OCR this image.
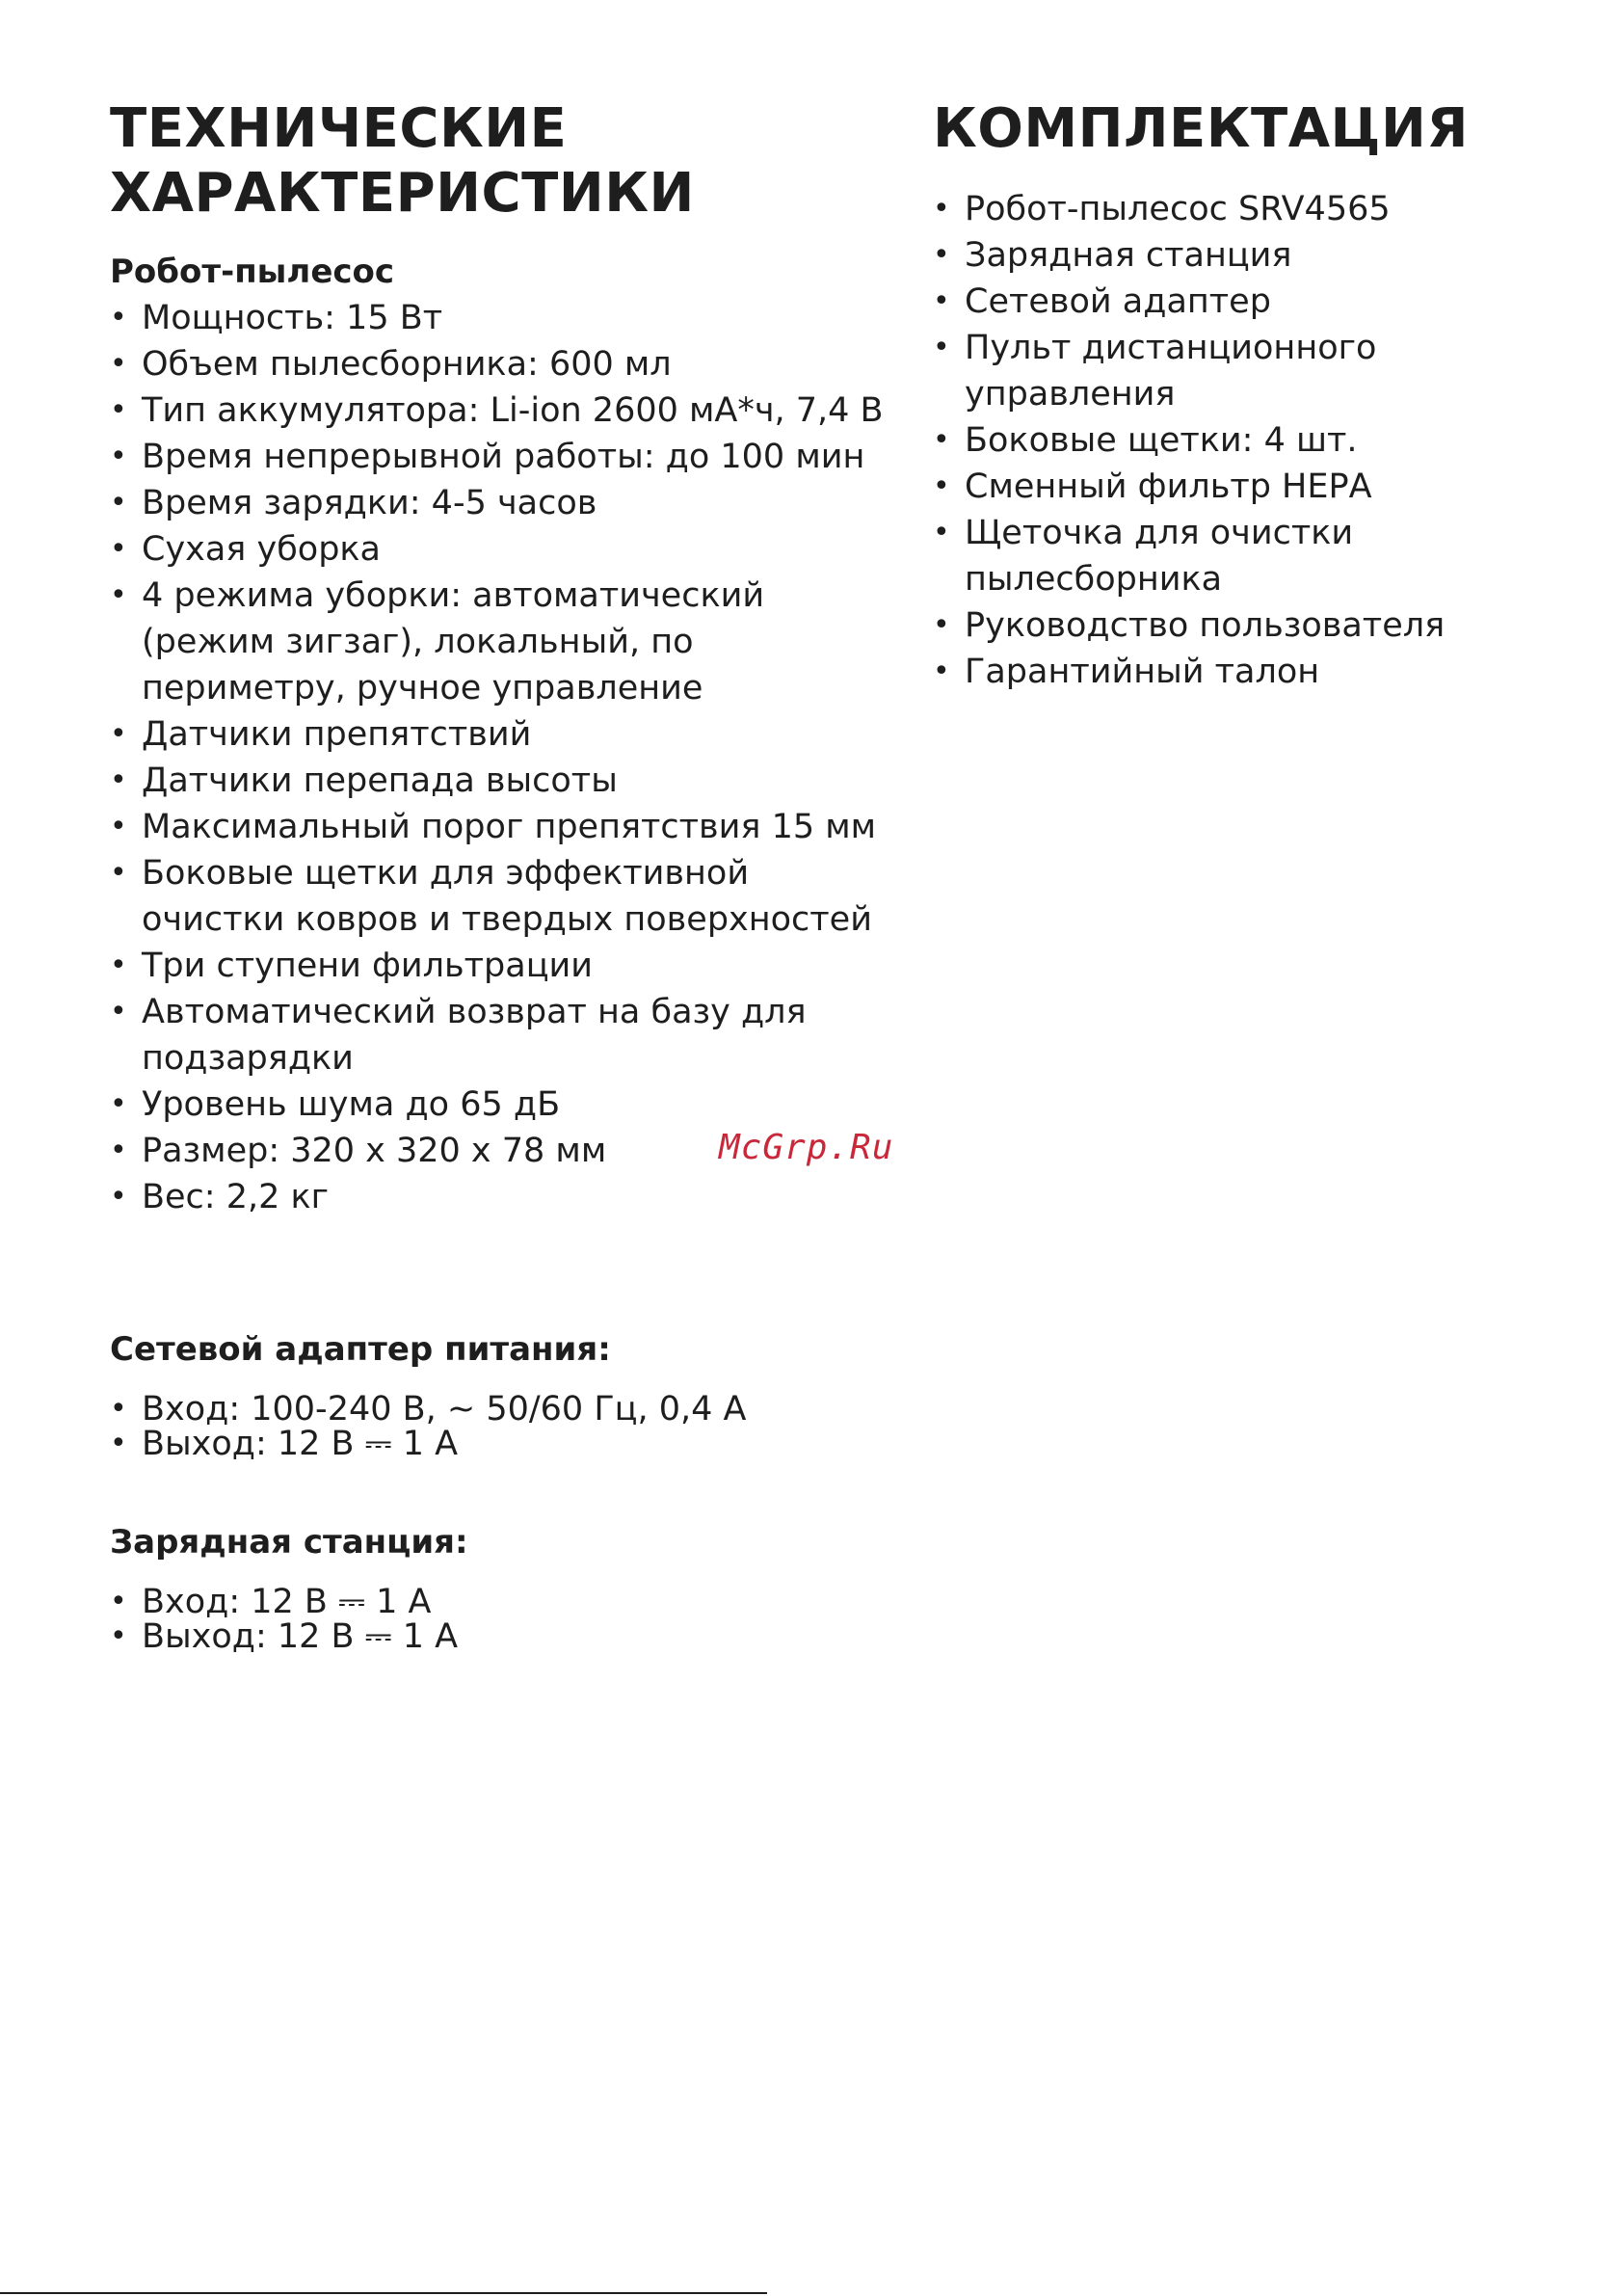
ТЕХНИЧЕСКИЕ
ХАРАКТЕРИСТИКИ
Робот-пылесос
• Мощность: 15 Вт
• Объем пылесборника: 600 мл
• Тип аккумулятора: Li-ion 2600 мА*ч, 7,4 В
• Время непрерывной работы: до 100 мин
• Время зарядки: 4-5 часов
• Сухая уборка
• 4 режима уборки: автоматический (режим зигзаг), локальный, по периметру, ручное управление
• Датчики препятствий
• Датчики перепада высоты
• Максимальный порог препятствия 15 мм
• Боковые щетки для эффективной очистки ковров и твердых поверхностей
• Три ступени фильтрации
• Автоматический возврат на базу для подзарядки
• Уровень шума до 65 дБ
• Размер: 320 х 320 х 78 мм
• Вес: 2,2 кг
Сетевой адаптер питания:
• Вход: 100-240 В, ~ 50/60 Гц, 0,4 А
• Выход: 12 В ⎓ 1 А
Зарядная станция:
• Вход: 12 В ⎓ 1 А
• Выход: 12 В ⎓ 1 А
КОМПЛЕКТАЦИЯ
• Робот-пылесос SRV4565
• Зарядная станция
• Сетевой адаптер
• Пульт дистанционного управления
• Боковые щетки: 4 шт.
• Сменный фильтр НЕРА
• Щеточка для очистки пылесборника
• Руководство пользователя
• Гарантийный талон
McGrp.Ru
